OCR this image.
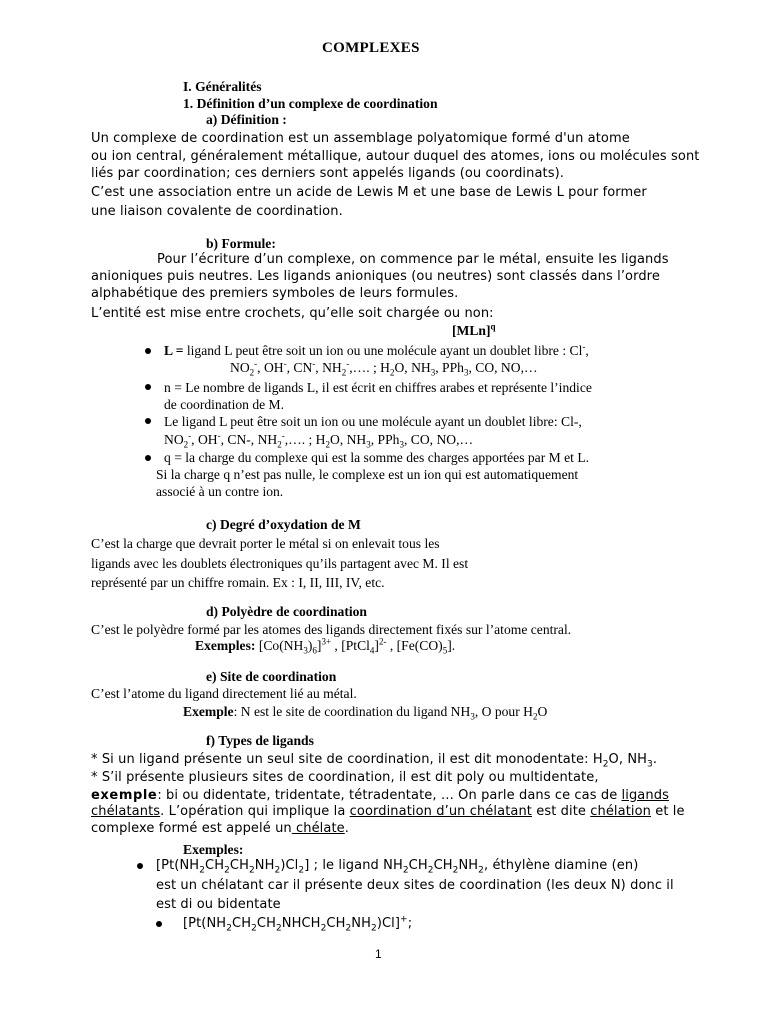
COMPLEXES
I. Généralités
1. Définition d’un complexe de coordination
a) Définition :
Un complexe de coordination est un assemblage polyatomique formé d'un atome
ou ion central, généralement métallique, autour duquel des atomes, ions ou molécules sont
liés par coordination; ces derniers sont appelés ligands (ou coordinats).
C’est une association entre un acide de Lewis M et une base de Lewis L pour former
une liaison covalente de coordination.
b) Formule:
Pour l’écriture d’un complexe, on commence par le métal, ensuite les ligands
anioniques puis neutres. Les ligands anioniques (ou neutres) sont classés dans l’ordre
alphabétique des premiers symboles de leurs formules.
L’entité est mise entre crochets, qu’elle soit chargée ou non:
[MLn]$^q$
L = ligand L peut être soit un ion ou une molécule ayant un doublet libre : Cl-,
$NO_2^-$, OH-, CN-, $NH_2^-,\dots$. ; $H_2O$, $NH_3$, PPh$_3$, CO, NO,…
n = Le nombre de ligands L, il est écrit en chiffres arabes et représente l’indice
de coordination de M.
Le ligand L peut être soit un ion ou une molécule ayant un doublet libre: Cl-,
$NO_2^-$, OH-, CN-, $NH_2^-,\dots$. ; $H_2O$, $NH_3$, PPh$_3$, CO, NO,…
q = la charge du complexe qui est la somme des charges apportées par M et L.
Si la charge q n’est pas nulle, le complexe est un ion qui est automatiquement
associé à un contre ion.
c) Degré d’oxydation de M
C’est la charge que devrait porter le métal si on enlevait tous les
ligands avec les doublets électroniques qu’ils partagent avec M. Il est
représenté par un chiffre romain. Ex : I, II, III, IV, etc.
d) Polyèdre de coordination
C’est le polyèdre formé par les atomes des ligands directement fixés sur l’atome central.
Exemples: $[Co(NH_3)_6]^{3+}$ , [PtCl$_4$]$^{2-}$ , $[Fe(CO)_5]$.
e) Site de coordination
C’est l’atome du ligand directement lié au métal.
Exemple: N est le site de coordination du ligand $NH_3$, O pour $H_2O$
f) Types de ligands
* Si un ligand présente un seul site de coordination, il est dit monodentate: $H_2O$, $NH_3$.
* S’il présente plusieurs sites de coordination, il est dit poly ou multidentate,
exemple: bi ou didentate, tridentate, tétradentate, … On parle dans ce cas de ligands
chélatants. L’opération qui implique la coordination d’un chélatant est dite chélation et le
complexe formé est appelé un chélate.
Exemples:
$[Pt(NH_2CH_2CH_2NH_2)Cl_2]$ ; le ligand $NH_2CH_2CH_2NH_2$, éthylène diamine (en)
est un chélatant car il présente deux sites de coordination (les deux N) donc il
est di ou bidentate
$[Pt(NH_2CH_2CH_2NHCH_2CH_2NH_2)Cl]^+$;
1
